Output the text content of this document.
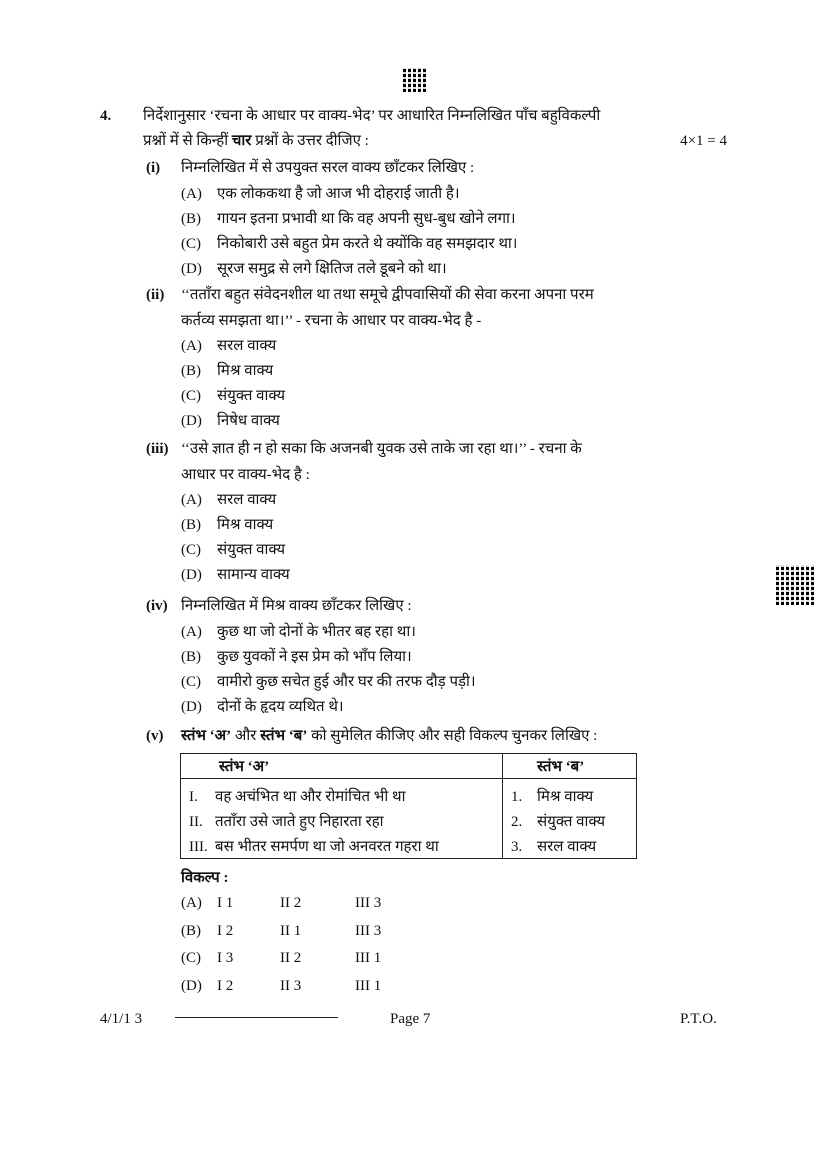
4. निर्देशानुसार ‘रचना के आधार पर वाक्य-भेद’ पर आधारित निम्नलिखित पाँच बहुविकल्पी
प्रश्नों में से किन्हीं चार प्रश्नों के उत्तर दीजिए :	4×1 = 4
(i) निम्नलिखित में से उपयुक्त सरल वाक्य छाँटकर लिखिए :
(A) एक लोककथा है जो आज भी दोहराई जाती है।
(B) गायन इतना प्रभावी था कि वह अपनी सुध-बुध खोने लगा।
(C) निकोबारी उसे बहुत प्रेम करते थे क्योंकि वह समझदार था।
(D) सूरज समुद्र से लगे क्षितिज तले डूबने को था।
(ii) ‘‘तताँरा बहुत संवेदनशील था तथा समूचे द्वीपवासियों की सेवा करना अपना परम
कर्तव्य समझता था।’’ - रचना के आधार पर वाक्य-भेद है -
(A) सरल वाक्य
(B) मिश्र वाक्य
(C) संयुक्त वाक्य
(D) निषेध वाक्य
(iii) ‘‘उसे ज्ञात ही न हो सका कि अजनबी युवक उसे ताके जा रहा था।’’ - रचना के
आधार पर वाक्य-भेद है :
(A) सरल वाक्य
(B) मिश्र वाक्य
(C) संयुक्त वाक्य
(D) सामान्य वाक्य
(iv) निम्नलिखित में मिश्र वाक्य छाँटकर लिखिए :
(A) कुछ था जो दोनों के भीतर बह रहा था।
(B) कुछ युवकों ने इस प्रेम को भाँप लिया।
(C) वामीरो कुछ सचेत हुई और घर की तरफ दौड़ पड़ी।
(D) दोनों के हृदय व्यथित थे।
(v) स्तंभ ‘अ’ और स्तंभ ‘ब’ को सुमेलित कीजिए और सही विकल्प चुनकर लिखिए :
स्तंभ ‘अ’	स्तंभ ‘ब’
I. वह अचंभित था और रोमांचित भी था	1. मिश्र वाक्य
II. तताँरा उसे जाते हुए निहारता रहा	2. संयुक्त वाक्य
III. बस भीतर समर्पण था जो अनवरत गहरा था	3. सरल वाक्य
विकल्प :
(A) I 1	II 2	III 3
(B) I 2	II 1	III 3
(C) I 3	II 2	III 1
(D) I 2	II 3	III 1
4/1/1 3	Page 7	P.T.O.
